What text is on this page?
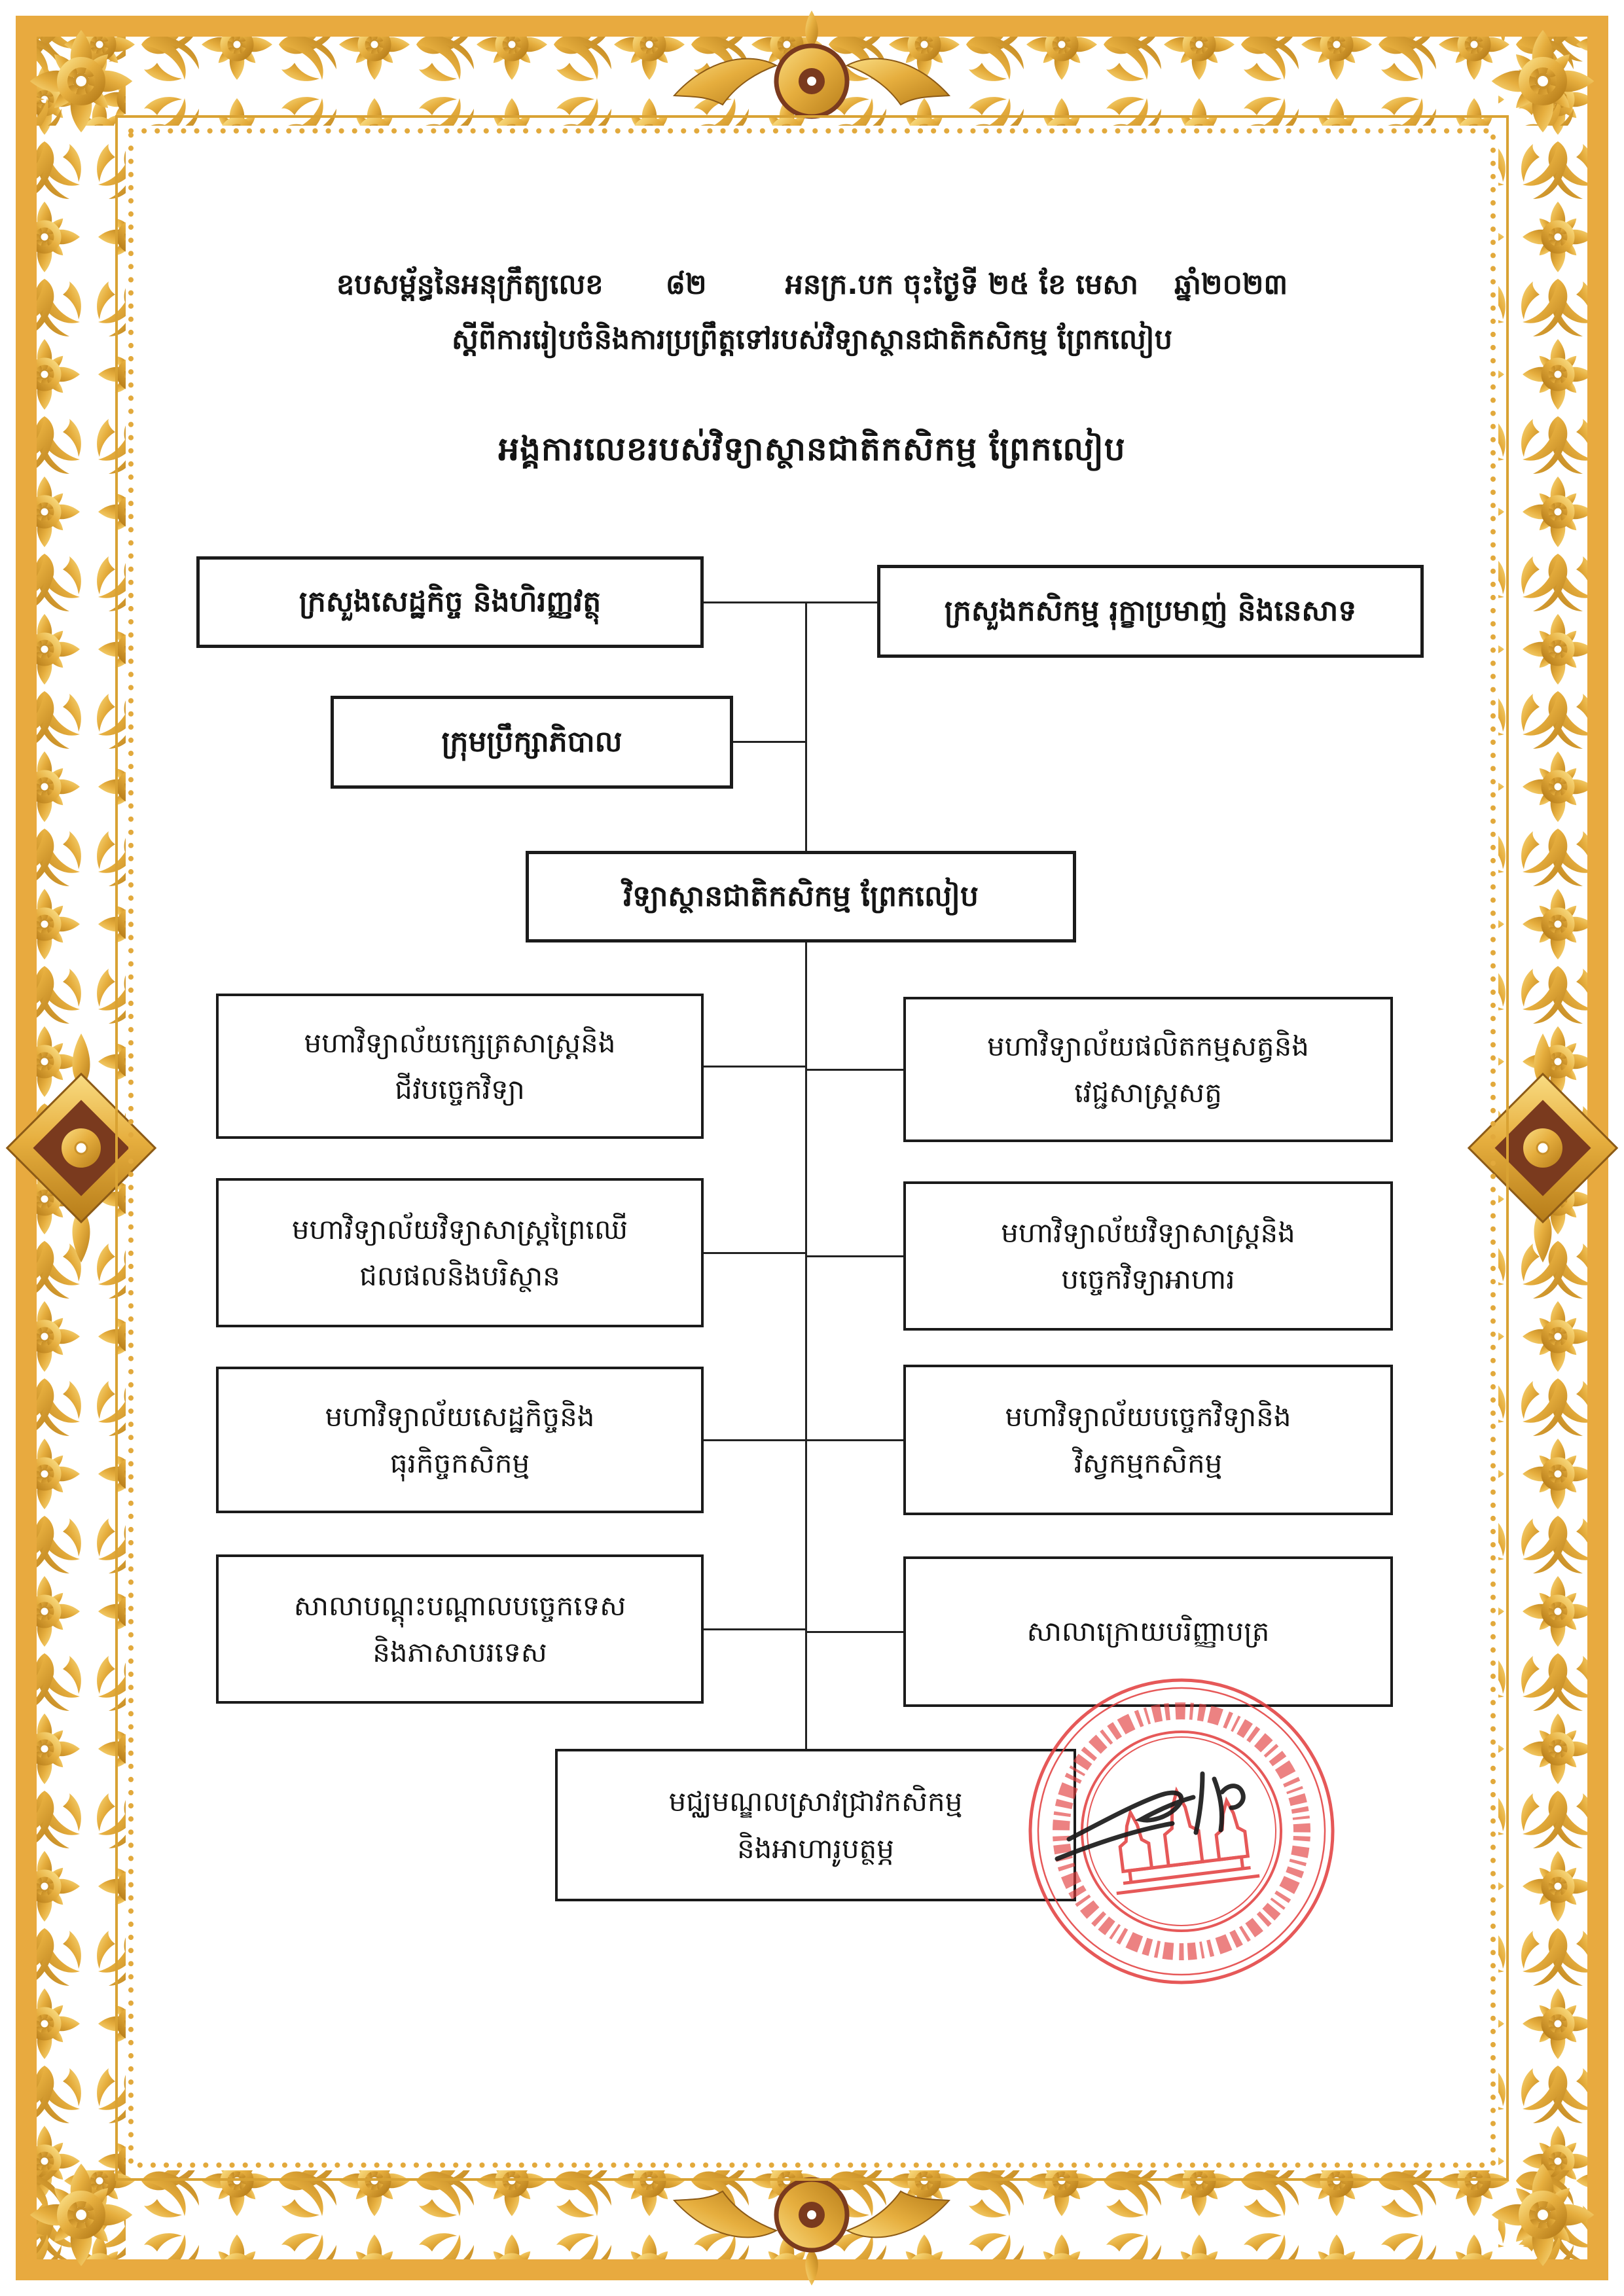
ឧបសម្ព័ន្ធនៃអនុក្រឹត្យលេខ ៨២	អនក្រ.បក ចុះថ្ងៃទី ២៥ ខែ មេសា ឆ្នាំ២០២៣
ស្តីពីការរៀបចំនិងការប្រព្រឹត្តទៅរបស់វិទ្យាស្ថានជាតិកសិកម្ម ព្រែកលៀប
អង្គការលេខរបស់វិទ្យាស្ថានជាតិកសិកម្ម ព្រែកលៀប
ក្រសួងសេដ្ឋកិច្ច និងហិរញ្ញវត្ថុ	ក្រសួងកសិកម្ម រុក្ខាប្រមាញ់ និងនេសាទ
ក្រុមប្រឹក្សាភិបាល
វិទ្យាស្ថានជាតិកសិកម្ម ព្រែកលៀប
មហាវិទ្យាល័យក្សេត្រសាស្ត្រនិង
ជីវបច្ចេកវិទ្យា
មហាវិទ្យាល័យវិទ្យាសាស្ត្រព្រៃឈើ
ជលផលនិងបរិស្ថាន
មហាវិទ្យាល័យសេដ្ឋកិច្ចនិង
ធុរកិច្ចកសិកម្ម
សាលាបណ្តុះបណ្តាលបច្ចេកទេស
និងភាសាបរទេស
មហាវិទ្យាល័យផលិតកម្មសត្វនិង
វេជ្ជសាស្ត្រសត្វ
មហាវិទ្យាល័យវិទ្យាសាស្ត្រនិង
បច្ចេកវិទ្យាអាហារ
មហាវិទ្យាល័យបច្ចេកវិទ្យានិង
វិស្វកម្មកសិកម្ម
សាលាក្រោយបរិញ្ញាបត្រ
មជ្ឈមណ្ឌលស្រាវជ្រាវកសិកម្ម
និងអាហារូបត្ថម្ភ
